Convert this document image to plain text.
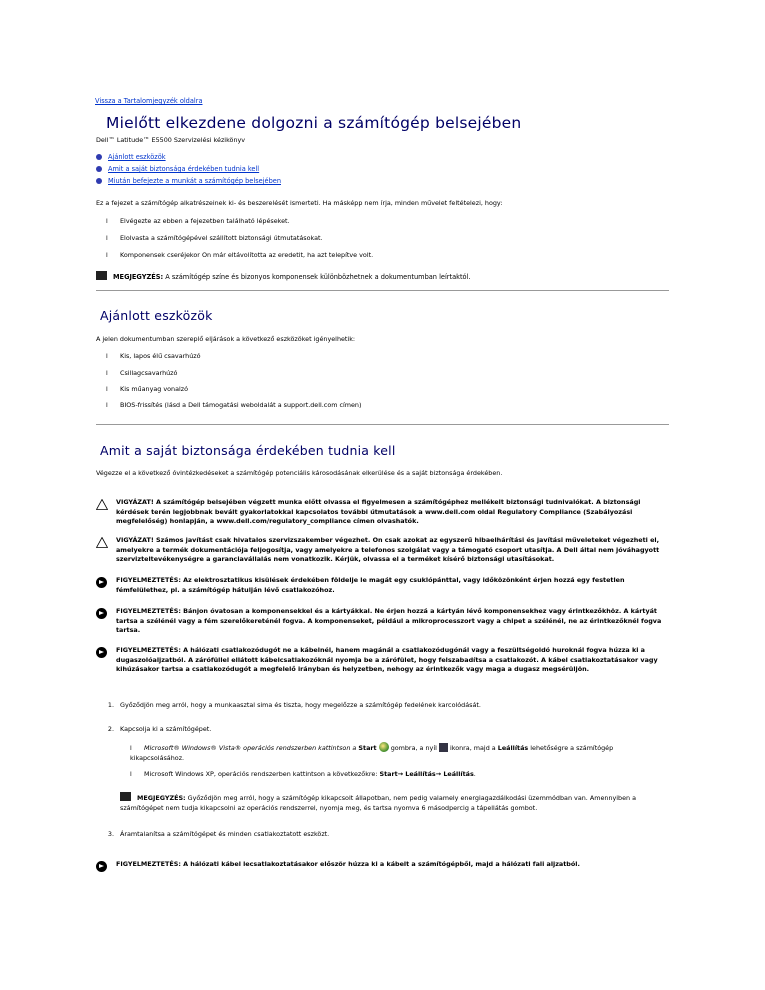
Vissza a Tartalomjegyzék oldalra
Mielőtt elkezdene dolgozni a számítógép belsejében
Dell™ Latitude™ E5500 Szervizelési kézikönyv
Ajánlott eszközök
Amit a saját biztonsága érdekében tudnia kell
Miután befejezte a munkát a számítógép belsejében
Ez a fejezet a számítógép alkatrészeinek ki- és beszerelését ismerteti. Ha másképp nem írja, minden művelet feltételezi, hogy:
l Elvégezte az ebben a fejezetben található lépéseket.
l Elolvasta a számítógépével szállított biztonsági útmutatásokat.
l Komponensek cseréjekor On már eltávolította az eredetit, ha azt telepítve volt.
MEGJEGYZÉS: A számítógép színe és bizonyos komponensek különbözhetnek a dokumentumban leírtaktól.
Ajánlott eszközök
A jelen dokumentumban szereplő eljárások a következő eszközöket igényelhetik:
l Kis, lapos élű csavarhúzó
l Csillagcsavarhúzó
l Kis műanyag vonalzó
l BIOS-frissítés (lásd a Dell támogatási weboldalát a support.dell.com címen)
Amit a saját biztonsága érdekében tudnia kell
Végezze el a következő óvintézkedéseket a számítógép potenciális károsodásának elkerülése és a saját biztonsága érdekében.
VIGYÁZAT! A számítógép belsejében végzett munka előtt olvassa el figyelmesen a számítógéphez mellékelt biztonsági tudnivalókat. A biztonsági kérdések terén legjobbnak bevált gyakorlatokkal kapcsolatos további útmutatások a www.dell.com oldal Regulatory Compliance (Szabályozási megfelelőség) honlapján, a www.dell.com/regulatory_compliance címen olvashatók.
VIGYÁZAT! Számos javítást csak hivatalos szervizszakember végezhet. On csak azokat az egyszerű hibaelhárítási és javítási műveleteket végezheti el, amelyekre a termék dokumentációja feljogosítja, vagy amelyekre a telefonos szolgálat vagy a támogató csoport utasítja. A Dell által nem jóváhagyott szervizteltevékenységre a garanciavállalás nem vonatkozik. Kérjük, olvassa el a terméket kísérő biztonsági utasításokat.
FIGYELMEZTETÉS: Az elektrosztatikus kisülések érdekében földelje le magát egy csuklópánttal, vagy időközönként érjen hozzá egy festetlen fémfelülethez, pl. a számítógép hátulján lévő csatlakozóhoz.
FIGYELMEZTETÉS: Bánjon óvatosan a komponensekkel és a kártyákkal. Ne érjen hozzá a kártyán lévő komponensekhez vagy érintkezőkhöz. A kártyát tartsa a szélénél vagy a fém szerelőkereténél fogva. A komponenseket, például a mikroprocesszort vagy a chipet a szélénél, ne az érintkezőknél fogva tartsa.
FIGYELMEZTETÉS: A hálózati csatlakozódugót ne a kábelnél, hanem magánál a csatlakozódugónál vagy a feszültségoldó huroknál fogva húzza ki a dugaszolóaljzatból. A zárófüllel ellátott kábelcsatlakozóknál nyomja be a zárófület, hogy felszabadítsa a csatlakozót. A kábel csatlakoztatásakor vagy kihúzásakor tartsa a csatlakozódugót a megfelelő irányban és helyzetben, nehogy az érintkezők vagy maga a dugasz megsérüljön.
1. Győződjön meg arról, hogy a munkaasztal sima és tiszta, hogy megelőzze a számítógép fedelének karcolódását.
2. Kapcsolja ki a számítógépet.
l Microsoft® Windows® Vista® operációs rendszerben kattintson a Start gombra, a nyíl ikonra, majd a Leállítás lehetőségre a számítógép kikapcsolásához.
l Microsoft Windows XP, operációs rendszerben kattintson a következőkre: Start→ Leállítás→ Leállítás.
MEGJEGYZÉS: Győződjön meg arról, hogy a számítógép kikapcsolt állapotban, nem pedig valamely energiagazdálkodási üzemmódban van. Amennyiben a számítógépet nem tudja kikapcsolni az operációs rendszerrel, nyomja meg, és tartsa nyomva 6 másodpercig a tápellátás gombot.
3. Áramtalanítsa a számítógépet és minden csatlakoztatott eszközt.
FIGYELMEZTETÉS: A hálózati kábel lecsatlakoztatásakor először húzza ki a kábelt a számítógépből, majd a hálózati fali aljzatból.
